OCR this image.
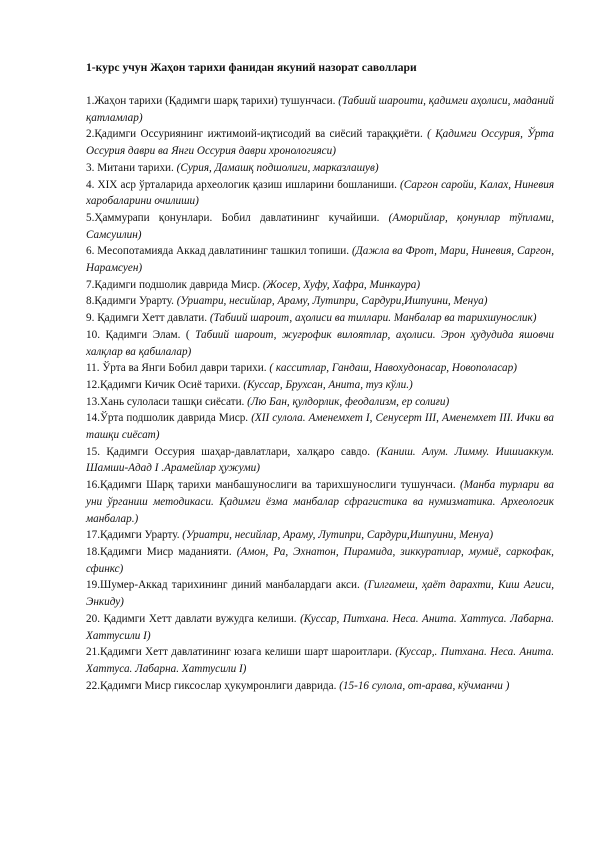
1-курс учун Жаҳон тарихи фанидан якуний назорат саволлари

1.Жаҳон тарихи (Қадимги шарқ тарихи) тушунчаси. (Табиий шароити, қадимги аҳолиси, маданий қатламлар)

2.Қадимги Оссуриянинг ижтимоий-иқтисодий ва сиёсий тараққиёти. ( Қадимги Оссурия, Ўрта Оссурия даври ва Янги Оссурия даври хронологияси)

3. Митани тарихи. (Сурия, Дамашқ подшолиги, марказлашув)

4. XIX аср ўрталарида археологик қазиш ишларини бошланиши. (Саргон саройи, Калах, Ниневия харобаларини очилиши)

5.Ҳаммурапи қонунлари. Бобил давлатининг кучайиши. (Аморийлар, қонунлар тўплами, Самсуилин)

6. Месопотамияда Аккад давлатининг ташкил топиши. (Дажла ва Фрот, Мари, Ниневия, Саргон, Нарамсуен)

7.Қадимги подшолик даврида Миср. (Жосер, Хуфу, Хафра, Минкаура)

8.Қадимги Урарту. (Уриатри, несийлар, Араму, Лутипри, Сардури,Ишпуини, Менуа)

9. Қадимги Хетт давлати. (Табиий шароит, аҳолиси ва тиллари. Манбалар ва тарихшунослик)

10. Қадимги Элам. ( Табиий шароит, жугрофик вилоятлар, аҳолиси. Эрон ҳудудида яшовчи халқлар ва қабилалар)

11. Ўрта ва Янги Бобил даври тарихи. ( касситлар, Гандаш, Навохудонасар, Новополасар)

12.Қадимги Кичик Осиё тарихи. (Куссар, Брухсан, Анита, туз кўли.)

13.Хань сулоласи ташқи сиёсати. (Лю Бан, қулдорлик, феодализм, ер солиғи)

14.Ўрта подшолик даврида Миср. (XII сулола. Аменемхет I, Сенусерт III, Аменемхет III. Ички ва ташқи сиёсат)

15. Қадимги Оссурия шаҳар-давлатлари, халқаро савдо. (Каниш. Алум. Лимму. Иишиаккум. Шамши-Адад I .Арамейлар ҳужуми)

16.Қадимги Шарқ тарихи манбашунослиги ва тарихшунослиги тушунчаси. (Манба турлари ва уни ўрганиш методикаси. Қадимги ёзма манбалар сфрагистика ва нумизматика. Археологик манбалар.)

17.Қадимги Урарту. (Уриатри, несийлар, Араму, Лутипри, Сардури,Ишпуини, Менуа)

18.Қадимги Миср маданияти. (Амон, Ра, Эхнатон, Пирамида, зиккуратлар, мумиё, саркофак, сфинкс)

19.Шумер-Аккад тарихининг диний манбалардаги акси. (Гилгамеш, ҳаёт дарахти, Киш Агиси, Энкиду)

20. Қадимги Хетт давлати вужудга келиши. (Куссар, Питхана. Неса. Анита. Хаттуса. Лабарна. Хаттусили I)

21.Қадимги Хетт давлатининг юзага келиши шарт шароитлари. (Куссар,. Питхана. Неса. Анита. Хаттуса. Лабарна. Хаттусили I)

22.Қадимги Миср гиксослар ҳукумронлиги даврида. (15-16 сулола, от-арава, кўчманчи )
